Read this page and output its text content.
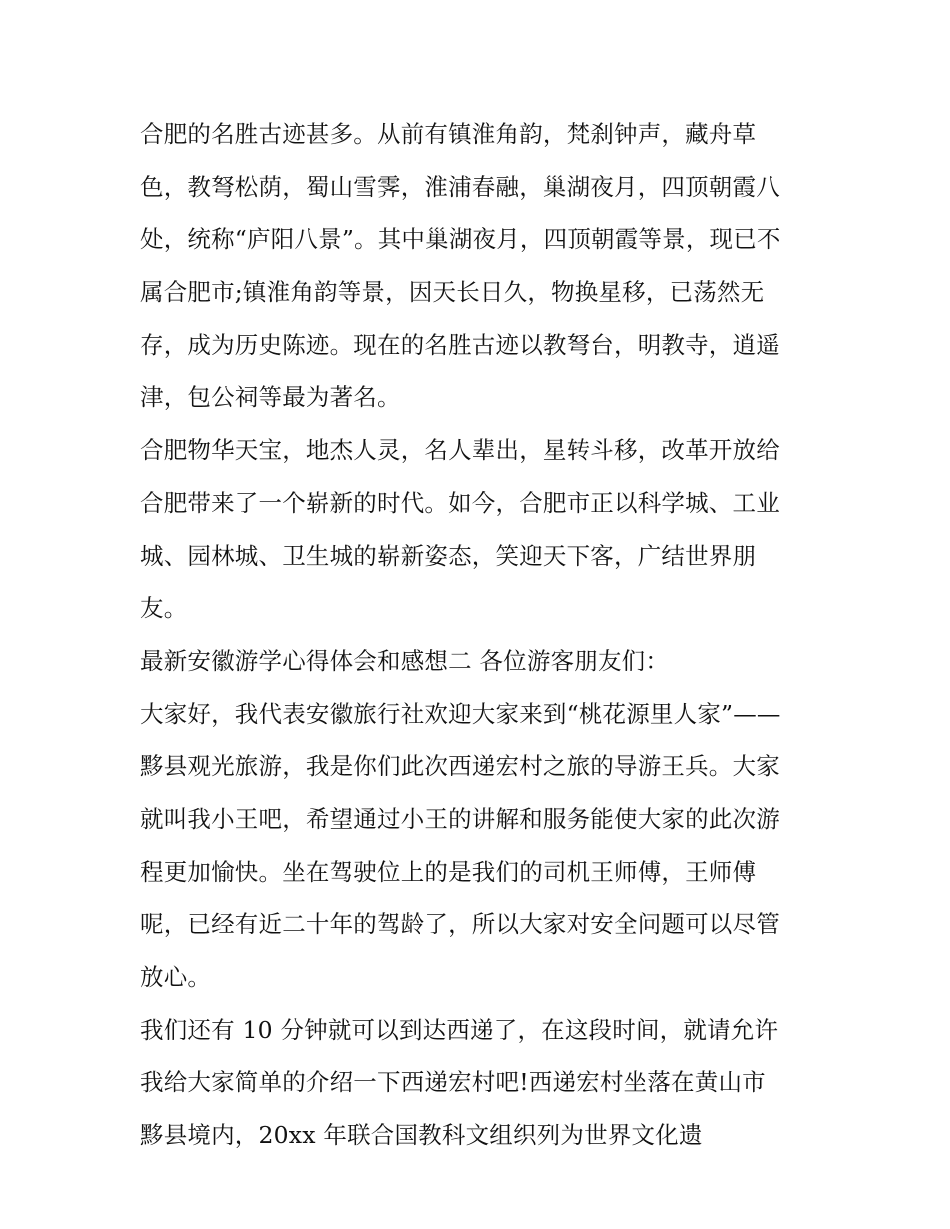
合肥的名胜古迹甚多。从前有镇淮角韵，梵刹钟声，藏舟草
色，教弩松荫，蜀山雪霁，淮浦春融，巢湖夜月，四顶朝霞八
处，统称“庐阳八景”。其中巢湖夜月，四顶朝霞等景，现已不
属合肥市;镇淮角韵等景，因天长日久，物换星移，已荡然无
存，成为历史陈迹。现在的名胜古迹以教弩台，明教寺，逍遥
津，包公祠等最为著名。
合肥物华天宝，地杰人灵，名人辈出，星转斗移，改革开放给
合肥带来了一个崭新的时代。如今，合肥市正以科学城、工业
城、园林城、卫生城的崭新姿态，笑迎天下客，广结世界朋
友。
最新安徽游学心得体会和感想二 各位游客朋友们：
大家好，我代表安徽旅行社欢迎大家来到“桃花源里人家”——
黟县观光旅游，我是你们此次西递宏村之旅的导游王兵。大家
就叫我小王吧，希望通过小王的讲解和服务能使大家的此次游
程更加愉快。坐在驾驶位上的是我们的司机王师傅，王师傅
呢，已经有近二十年的驾龄了，所以大家对安全问题可以尽管
放心。
我们还有 10 分钟就可以到达西递了，在这段时间，就请允许
我给大家简单的介绍一下西递宏村吧!西递宏村坐落在黄山市
黟县境内，20xx 年联合国教科文组织列为世界文化遗
